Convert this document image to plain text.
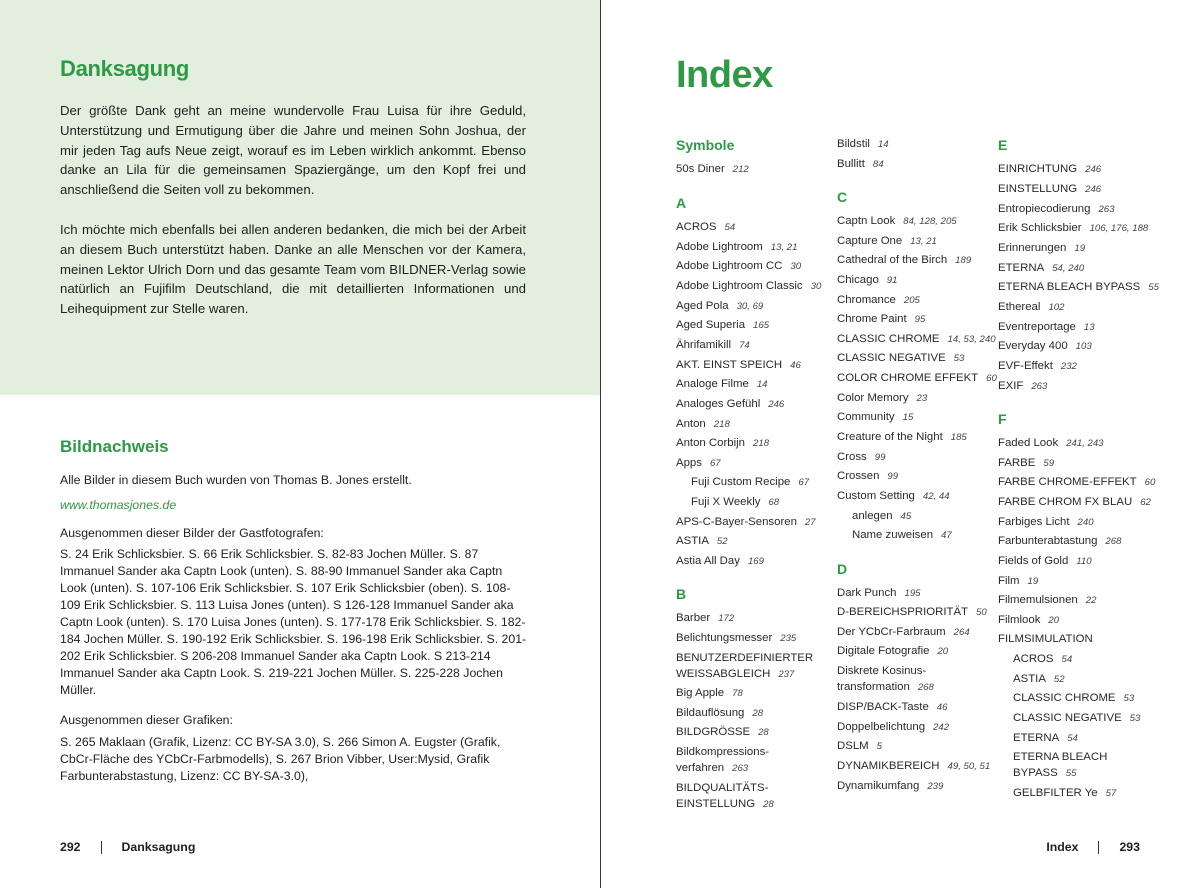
Danksagung
Der größte Dank geht an meine wundervolle Frau Luisa für ihre Geduld, Unterstützung und Ermutigung über die Jahre und meinen Sohn Joshua, der mir jeden Tag aufs Neue zeigt, worauf es im Leben wirklich ankommt. Ebenso danke an Lila für die gemeinsamen Spaziergänge, um den Kopf frei und anschließend die Seiten voll zu bekommen.
Ich möchte mich ebenfalls bei allen anderen bedanken, die mich bei der Arbeit an diesem Buch unterstützt haben. Danke an alle Menschen vor der Kamera, meinen Lektor Ulrich Dorn und das gesamte Team vom BILDNER-Verlag sowie natürlich an Fujifilm Deutschland, die mit detaillierten Informationen und Leihequipment zur Stelle waren.
Bildnachweis
Alle Bilder in diesem Buch wurden von Thomas B. Jones erstellt.
www.thomasjones.de
Ausgenommen dieser Bilder der Gastfotografen:
S. 24 Erik Schlicksbier. S. 66 Erik Schlicksbier. S. 82-83 Jochen Müller. S. 87 Immanuel Sander aka Captn Look (unten). S. 88-90 Immanuel Sander aka Captn Look (unten). S. 107-106 Erik Schlicksbier. S. 107 Erik Schlicksbier (oben). S. 108-109 Erik Schlicksbier. S. 113 Luisa Jones (unten). S 126-128 Immanuel Sander aka Captn Look (unten). S. 170 Luisa Jones (unten). S. 177-178 Erik Schlicksbier. S. 182-184 Jochen Müller. S. 190-192 Erik Schlicksbier. S. 196-198 Erik Schlicksbier. S. 201-202 Erik Schlicksbier. S 206-208 Immanuel Sander aka Captn Look. S 213-214 Immanuel Sander aka Captn Look. S. 219-221 Jochen Müller. S. 225-228 Jochen Müller.
Ausgenommen dieser Grafiken:
S. 265 Maklaan (Grafik, Lizenz: CC BY-SA 3.0), S. 266 Simon A. Eugster (Grafik, CbCr-Fläche des YCbCr-Farbmodells), S. 267 Brion Vibber, User:Mysid, Grafik Farbunterabstastung, Lizenz: CC BY-SA-3.0),
292	Danksagung
Index
Symbole
A
B
50s Diner 212
ACROS 54
Adobe Lightroom 13, 21
Adobe Lightroom CC 30
Adobe Lightroom Classic 30
Aged Pola 30, 69
Aged Superia 165
Ährifamikill 74
AKT. EINST SPEICH 46
Analoge Filme 14
Analoges Gefühl 246
Anton 218
Anton Corbijn 218
Apps 67
Fuji Custom Recipe 67
Fuji X Weekly 68
APS-C-Bayer-Sensoren 27
ASTIA 52
Astia All Day 169
Barber 172
Belichtungsmesser 235
BENUTZERDEFINIERTER
WEISSABGLEICH 237
Big Apple 78
Bildauflösung 28
BILDGRÖSSE 28
Bildkompressions-
verfahren 263
BILDQUALITÄTS-
EINSTELLUNG 28
C
D
Bildstil 14
Bullitt 84
Captn Look 84, 128, 205
Capture One 13, 21
Cathedral of the Birch 189
Chicago 91
Chromance 205
Chrome Paint 95
CLASSIC CHROME 14, 53, 240
CLASSIC NEGATIVE 53
COLOR CHROME EFFEKT 60
Color Memory 23
Community 15
Creature of the Night 185
Cross 99
Crossen 99
Custom Setting 42, 44
anlegen 45
Name zuweisen 47
Dark Punch 195
D-BEREICHSPRIORITÄT 50
Der YCbCr-Farbraum 264
Digitale Fotografie 20
Diskrete Kosinus-
transformation 268
DISP/BACK-Taste 46
Doppelbelichtung 242
DSLM 5
DYNAMIKBEREICH 49, 50, 51
Dynamikumfang 239
E
F
EINRICHTUNG 246
EINSTELLUNG 246
Entropiecodierung 263
Erik Schlicksbier 106, 176, 188
Erinnerungen 19
ETERNA 54, 240
ETERNA BLEACH BYPASS 55
Ethereal 102
Eventreportage 13
Everyday 400 103
EVF-Effekt 232
EXIF 263
Faded Look 241, 243
FARBE 59
FARBE CHROME-EFFEKT 60
FARBE CHROM FX BLAU 62
Farbiges Licht 240
Farbunterabtastung 268
Fields of Gold 110
Film 19
Filmemulsionen 22
Filmlook 20
FILMSIMULATION
ACROS 54
ASTIA 52
CLASSIC CHROME 53
CLASSIC NEGATIVE 53
ETERNA 54
ETERNA BLEACH
BYPASS 55
GELBFILTER Ye 57
Index	293
